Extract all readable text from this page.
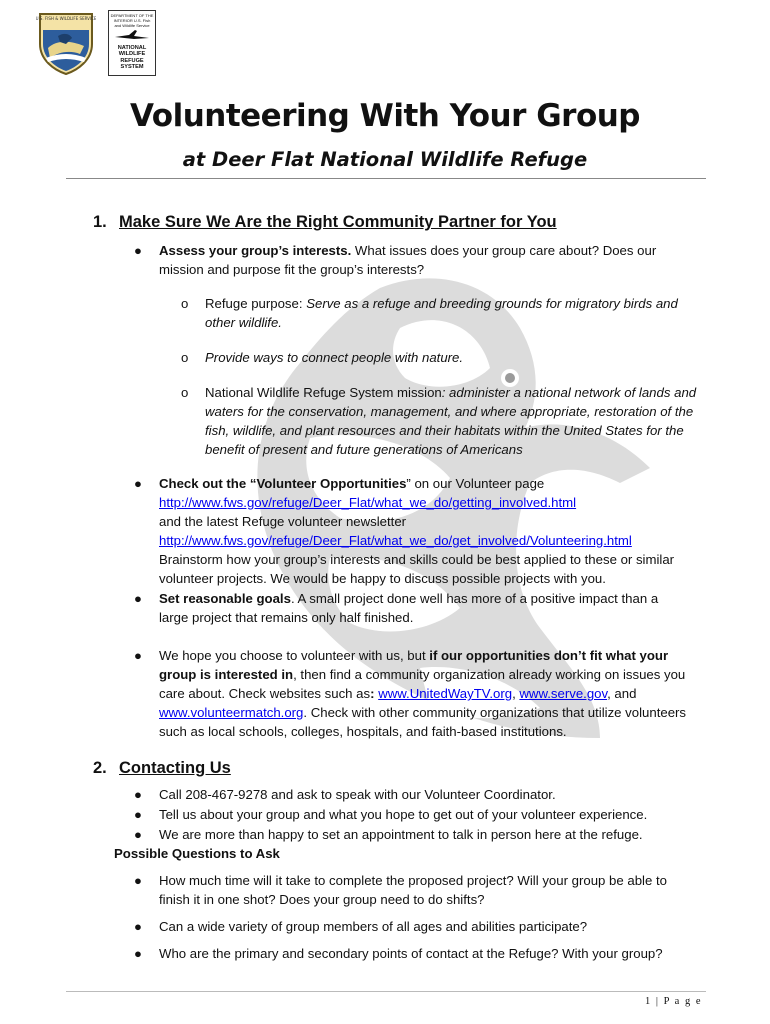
U.S. FISH & WILDLIFE SERVICE
DEPARTMENT OF THE INTERIOR U.S. Fish and Wildlife Service
NATIONAL WILDLIFE REFUGE SYSTEM
Volunteering With Your Group
at Deer Flat National Wildlife Refuge
1. Make Sure We Are the Right Community Partner for You
● Assess your group’s interests. What issues does your group care about? Does our mission and purpose fit the group’s interests?
o Refuge purpose: Serve as a refuge and breeding grounds for migratory birds and other wildlife.
o Provide ways to connect people with nature.
o National Wildlife Refuge System mission: administer a national network of lands and waters for the conservation, management, and where appropriate, restoration of the fish, wildlife, and plant resources and their habitats within the United States for the benefit of present and future generations of Americans
● Check out the “Volunteer Opportunities” on our Volunteer page
http://www.fws.gov/refuge/Deer_Flat/what_we_do/getting_involved.html
and the latest Refuge volunteer newsletter
http://www.fws.gov/refuge/Deer_Flat/what_we_do/get_involved/Volunteering.html
Brainstorm how your group’s interests and skills could be best applied to these or similar volunteer projects. We would be happy to discuss possible projects with you.
● Set reasonable goals. A small project done well has more of a positive impact than a large project that remains only half finished.
● We hope you choose to volunteer with us, but if our opportunities don’t fit what your group is interested in, then find a community organization already working on issues you care about. Check websites such as: www.UnitedWayTV.org, www.serve.gov, and www.volunteermatch.org. Check with other community organizations that utilize volunteers such as local schools, colleges, hospitals, and faith-based institutions.
2. Contacting Us
● Call 208-467-9278 and ask to speak with our Volunteer Coordinator.
● Tell us about your group and what you hope to get out of your volunteer experience.
● We are more than happy to set an appointment to talk in person here at the refuge.
Possible Questions to Ask
● How much time will it take to complete the proposed project? Will your group be able to finish it in one shot? Does your group need to do shifts?
● Can a wide variety of group members of all ages and abilities participate?
● Who are the primary and secondary points of contact at the Refuge? With your group?
1 | P a g e
